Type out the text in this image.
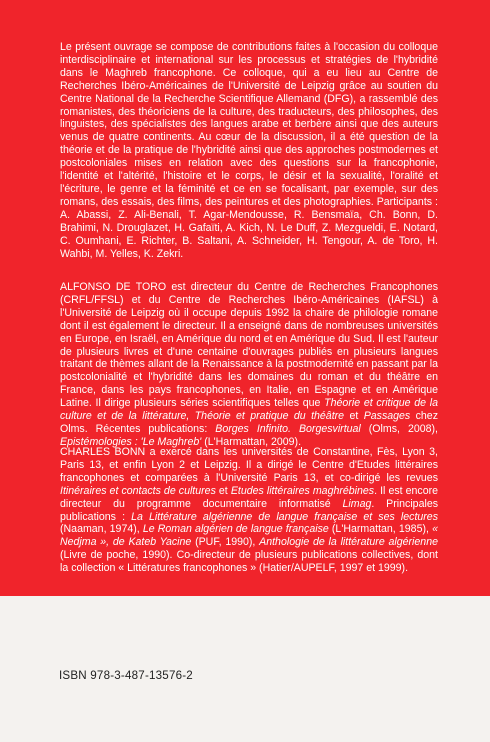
Le présent ouvrage se compose de contributions faites à l'occasion du colloque interdisciplinaire et international sur les processus et stratégies de l'hybridité dans le Maghreb francophone. Ce colloque, qui a eu lieu au Centre de Recherches Ibéro-Américaines de l'Université de Leipzig grâce au soutien du Centre National de la Recherche Scientifique Allemand (DFG), a rassemblé des romanistes, des théoriciens de la culture, des traducteurs, des philosophes, des linguistes, des spécialistes des langues arabe et berbère ainsi que des auteurs venus de quatre continents. Au cœur de la discussion, il a été question de la théorie et de la pratique de l'hybridité ainsi que des approches postmodernes et postcoloniales mises en relation avec des questions sur la francophonie, l'identité et l'altérité, l'histoire et le corps, le désir et la sexualité, l'oralité et l'écriture, le genre et la féminité et ce en se focalisant, par exemple, sur des romans, des essais, des films, des peintures et des photographies. Participants : A. Abassi, Z. Ali-Benali, T. Agar-Mendousse, R. Bensmaïa, Ch. Bonn, D. Brahimi, N. Drouglazet, H. Gafaïti, A. Kich, N. Le Duff, Z. Mezgueldi, E. Notard, C. Oumhani, E. Richter, B. Saltani, A. Schneider, H. Tengour, A. de Toro, H. Wahbi, M. Yelles, K. Zekri.

ALFONSO DE TORO est directeur du Centre de Recherches Francophones (CRFL/FFSL) et du Centre de Recherches Ibéro-Américaines (IAFSL) à l'Université de Leipzig où il occupe depuis 1992 la chaire de philologie romane dont il est également le directeur. Il a enseigné dans de nombreuses universités en Europe, en Israël, en Amérique du nord et en Amérique du Sud. Il est l'auteur de plusieurs livres et d'une centaine d'ouvrages publiés en plusieurs langues traitant de thèmes allant de la Renaissance à la postmodernité en passant par la postcolonialité et l'hybridité dans les domaines du roman et du théâtre en France, dans les pays francophones, en Italie, en Espagne et en Amérique Latine. Il dirige plusieurs séries scientifiques telles que Théorie et critique de la culture et de la littérature, Théorie et pratique du théâtre et Passages chez Olms. Récentes publications: Borges Infinito. Borgesvirtual (Olms, 2008), Epistémologies : 'Le Maghreb' (L'Harmattan, 2009).

CHARLES BONN a exercé dans les universités de Constantine, Fès, Lyon 3, Paris 13, et enfin Lyon 2 et Leipzig. Il a dirigé le Centre d'Etudes littéraires francophones et comparées à l'Université Paris 13, et co-dirigé les revues Itinéraires et contacts de cultures et Etudes littéraires maghrébines. Il est encore directeur du programme documentaire informatisé Limag. Principales publications : La Littérature algérienne de langue française et ses lectures (Naaman, 1974), Le Roman algérien de langue française (L'Harmattan, 1985), « Nedjma », de Kateb Yacine (PUF, 1990), Anthologie de la littérature algérienne (Livre de poche, 1990). Co-directeur de plusieurs publications collectives, dont la collection « Littératures francophones » (Hatier/AUPELF, 1997 et 1999).

ISBN 978-3-487-13576-2
